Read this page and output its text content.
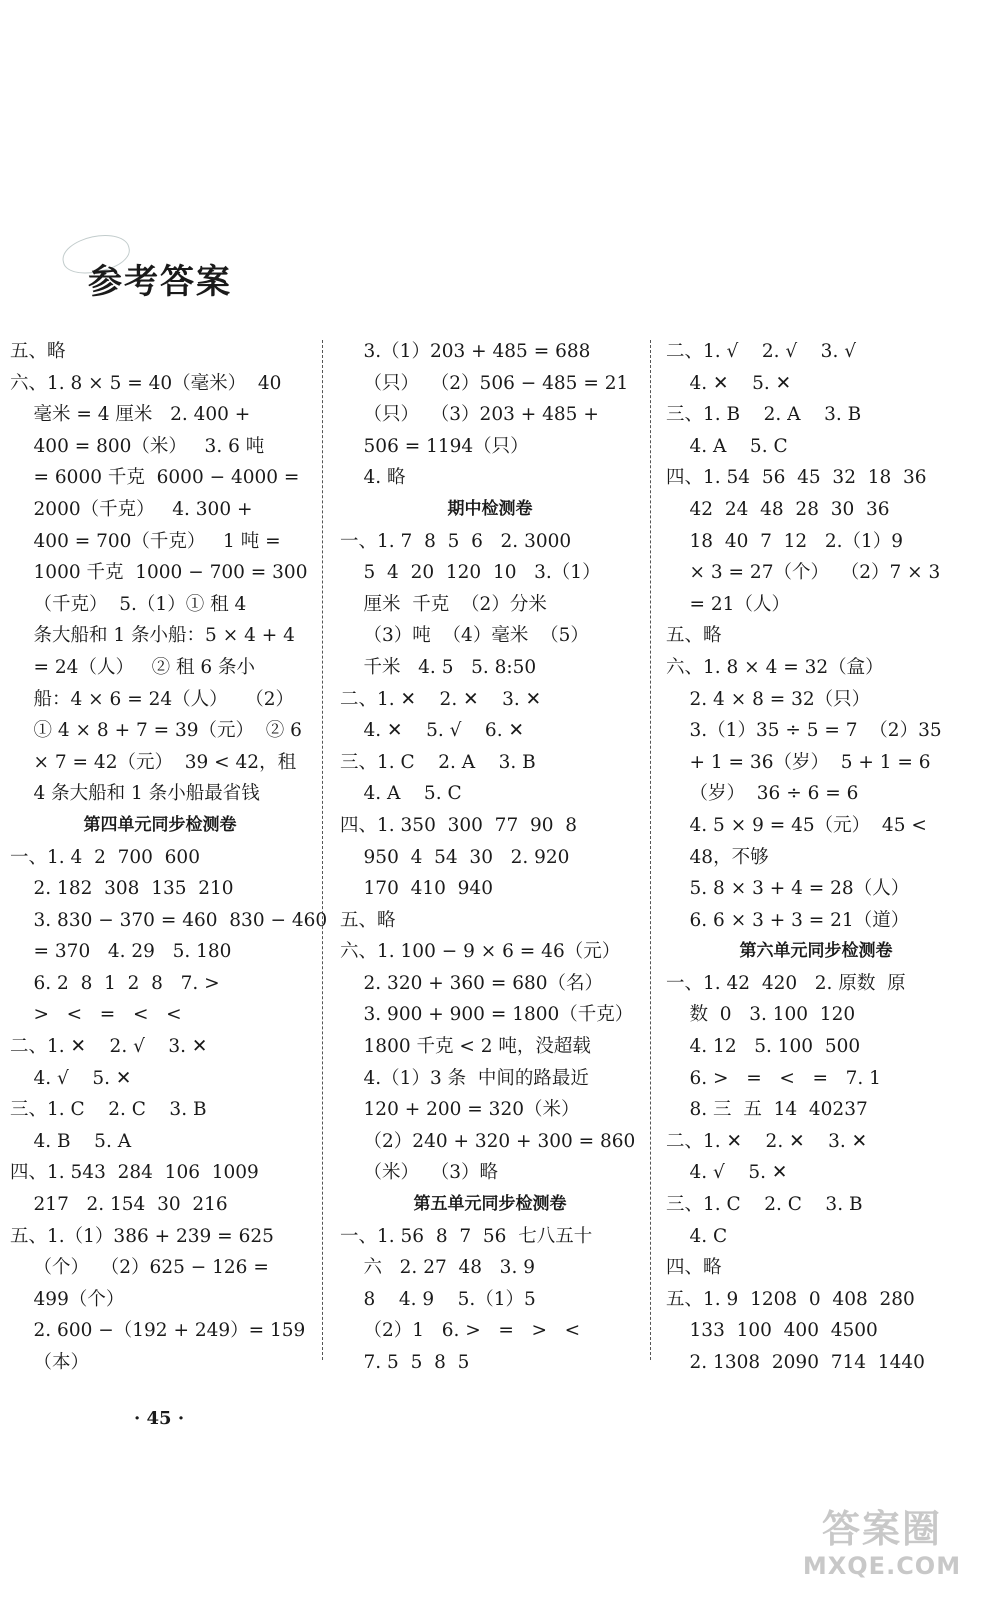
参考答案
五、略
六、1. 8 × 5 = 40（毫米）  40
毫米 = 4 厘米   2. 400 +
400 = 800（米）   3. 6 吨
= 6000 千克  6000 − 4000 =
2000（千克）   4. 300 +
400 = 700（千克）   1 吨 =
1000 千克  1000 − 700 = 300
（千克）  5.（1）① 租 4
条大船和 1 条小船：5 × 4 + 4
= 24（人）   ② 租 6 条小
船：4 × 6 = 24（人）   （2）
① 4 × 8 + 7 = 39（元）  ② 6
× 7 = 42（元）  39 < 42，租
4 条大船和 1 条小船最省钱
第四单元同步检测卷
一、1. 4  2  700  600
2. 182  308  135  210
3. 830 − 370 = 460  830 − 460
= 370   4. 29   5. 180
6. 2  8  1  2  8   7. >
>   <   =   <   <
二、1. ✕    2. √    3. ✕
4. √    5. ✕
三、1. C    2. C    3. B
4. B    5. A
四、1. 543  284  106  1009
217   2. 154  30  216
五、1.（1）386 + 239 = 625
（个）  （2）625 − 126 =
499（个）
2. 600 −（192 + 249）= 159
（本）
3.（1）203 + 485 = 688
（只）  （2）506 − 485 = 21
（只）  （3）203 + 485 +
506 = 1194（只）
4. 略
期中检测卷
一、1. 7  8  5  6   2. 3000
5  4  20  120  10   3.（1）
厘米  千克  （2）分米
（3）吨  （4）毫米  （5）
千米   4. 5   5. 8:50
二、1. ✕    2. ✕    3. ✕
4. ✕    5. √    6. ✕
三、1. C    2. A    3. B
4. A    5. C
四、1. 350  300  77  90  8
950  4  54  30   2. 920
170  410  940
五、略
六、1. 100 − 9 × 6 = 46（元）
2. 320 + 360 = 680（名）
3. 900 + 900 = 1800（千克）
1800 千克 < 2 吨，没超载
4.（1）3 条  中间的路最近
120 + 200 = 320（米）
（2）240 + 320 + 300 = 860
（米）  （3）略
第五单元同步检测卷
一、1. 56  8  7  56  七八五十
六   2. 27  48   3. 9
8    4. 9    5.（1）5
（2）1   6. >   =   >   <
7. 5  5  8  5
二、1. √    2. √    3. √
4. ✕    5. ✕
三、1. B    2. A    3. B
4. A    5. C
四、1. 54  56  45  32  18  36
42  24  48  28  30  36
18  40  7  12   2.（1）9
× 3 = 27（个）  （2）7 × 3
= 21（人）
五、略
六、1. 8 × 4 = 32（盒）
2. 4 × 8 = 32（只）
3.（1）35 ÷ 5 = 7  （2）35
+ 1 = 36（岁）  5 + 1 = 6
（岁）  36 ÷ 6 = 6
4. 5 × 9 = 45（元）  45 <
48，不够
5. 8 × 3 + 4 = 28（人）
6. 6 × 3 + 3 = 21（道）
第六单元同步检测卷
一、1. 42  420   2. 原数  原
数  0   3. 100  120
4. 12   5. 100  500
6. >   =   <   =   7. 1
8. 三  五  14  40237
二、1. ✕    2. ✕    3. ✕
4. √    5. ✕
三、1. C    2. C    3. B
4. C
四、略
五、1. 9  1208  0  408  280
133  100  400  4500
2. 1308  2090  714  1440
· 45 ·
答案圈
MXQE.COM
